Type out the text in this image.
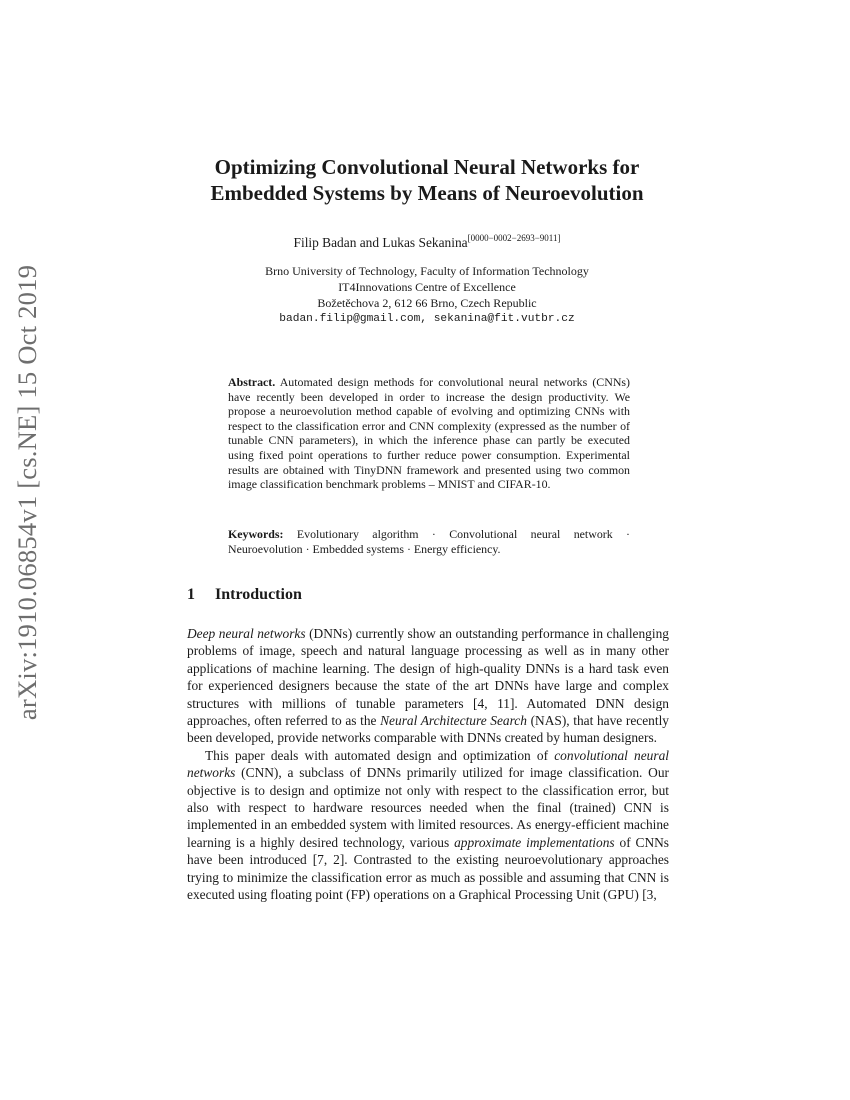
arXiv:1910.06854v1 [cs.NE] 15 Oct 2019
Optimizing Convolutional Neural Networks for
Embedded Systems by Means of Neuroevolution
Filip Badan and Lukas Sekanina[0000−0002−2693−9011]
Brno University of Technology, Faculty of Information Technology
IT4Innovations Centre of Excellence
Božetěchova 2, 612 66 Brno, Czech Republic
badan.filip@gmail.com, sekanina@fit.vutbr.cz
Abstract. Automated design methods for convolutional neural networks (CNNs) have recently been developed in order to increase the design productivity. We propose a neuroevolution method capable of evolving and optimizing CNNs with respect to the classification error and CNN complexity (expressed as the number of tunable CNN parameters), in which the inference phase can partly be executed using fixed point operations to further reduce power consumption. Experimental results are obtained with TinyDNN framework and presented using two common image classification benchmark problems – MNIST and CIFAR-10.
Keywords: Evolutionary algorithm · Convolutional neural network · Neuroevolution · Embedded systems · Energy efficiency.
1 Introduction

Deep neural networks (DNNs) currently show an outstanding performance in challenging problems of image, speech and natural language processing as well as in many other applications of machine learning. The design of high-quality DNNs is a hard task even for experienced designers because the state of the art DNNs have large and complex structures with millions of tunable parameters [4, 11]. Automated DNN design approaches, often referred to as the Neural Architecture Search (NAS), that have recently been developed, provide networks comparable with DNNs created by human designers.

This paper deals with automated design and optimization of convolutional neural networks (CNN), a subclass of DNNs primarily utilized for image classification. Our objective is to design and optimize not only with respect to the classification error, but also with respect to hardware resources needed when the final (trained) CNN is implemented in an embedded system with limited resources. As energy-efficient machine learning is a highly desired technology, various approximate implementations of CNNs have been introduced [7, 2]. Contrasted to the existing neuroevolutionary approaches trying to minimize the classification error as much as possible and assuming that CNN is executed using floating point (FP) operations on a Graphical Processing Unit (GPU) [3,
